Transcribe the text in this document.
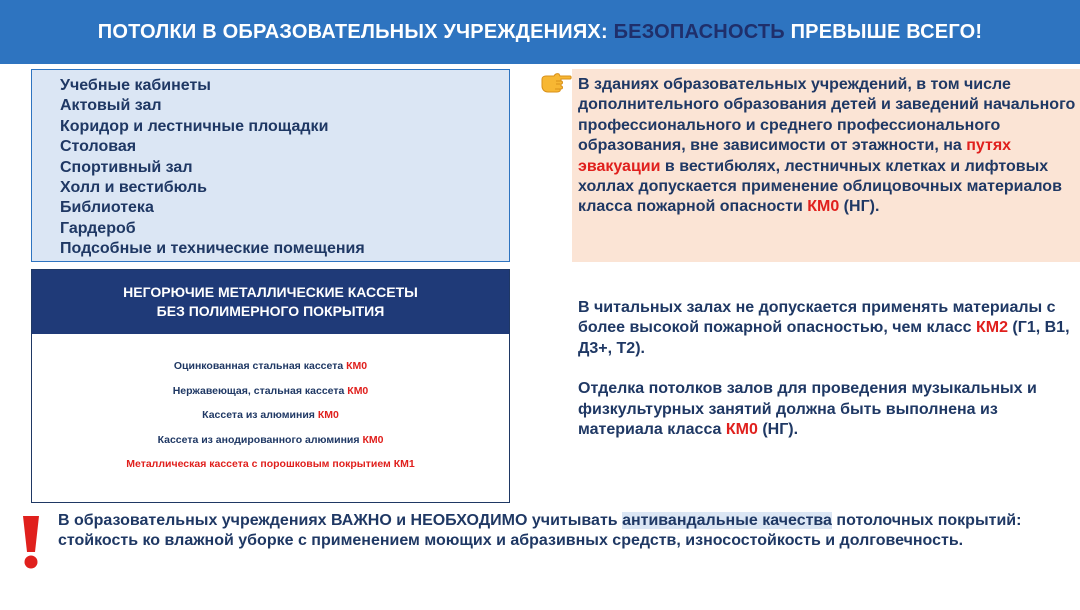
ПОТОЛКИ В ОБРАЗОВАТЕЛЬНЫХ УЧРЕЖДЕНИЯХ: БЕЗОПАСНОСТЬ ПРЕВЫШЕ ВСЕГО!
Учебные кабинеты
Актовый зал
Коридор и лестничные площадки
Столовая
Спортивный зал
Холл и вестибюль
Библиотека
Гардероб
Подсобные и технические помещения
НЕГОРЮЧИЕ МЕТАЛЛИЧЕСКИЕ КАССЕТЫ
БЕЗ ПОЛИМЕРНОГО ПОКРЫТИЯ
Оцинкованная стальная кассета КМ0
Нержавеющая, стальная кассета КМ0
Кассета из алюминия КМ0
Кассета из анодированного алюминия КМ0
Металлическая кассета с порошковым покрытием КМ1

В зданиях образовательных учреждений, в том числе дополнительного образования детей и заведений начального профессионального и среднего профессионального образования, вне зависимости от этажности, на путях эвакуации в вестибюлях, лестничных клетках и лифтовых холлах допускается применение облицовочных материалов класса пожарной опасности КМ0 (НГ).

В читальных залах не допускается применять материалы с более высокой пожарной опасностью, чем класс КМ2 (Г1, В1, Д3+, Т2).

Отделка потолков залов для проведения музыкальных и физкультурных занятий должна быть выполнена из материала класса КМ0 (НГ).

В образовательных учреждениях ВАЖНО и НЕОБХОДИМО учитывать антивандальные качества потолочных покрытий: стойкость ко влажной уборке с применением моющих и абразивных средств, износостойкость и долговечность.
